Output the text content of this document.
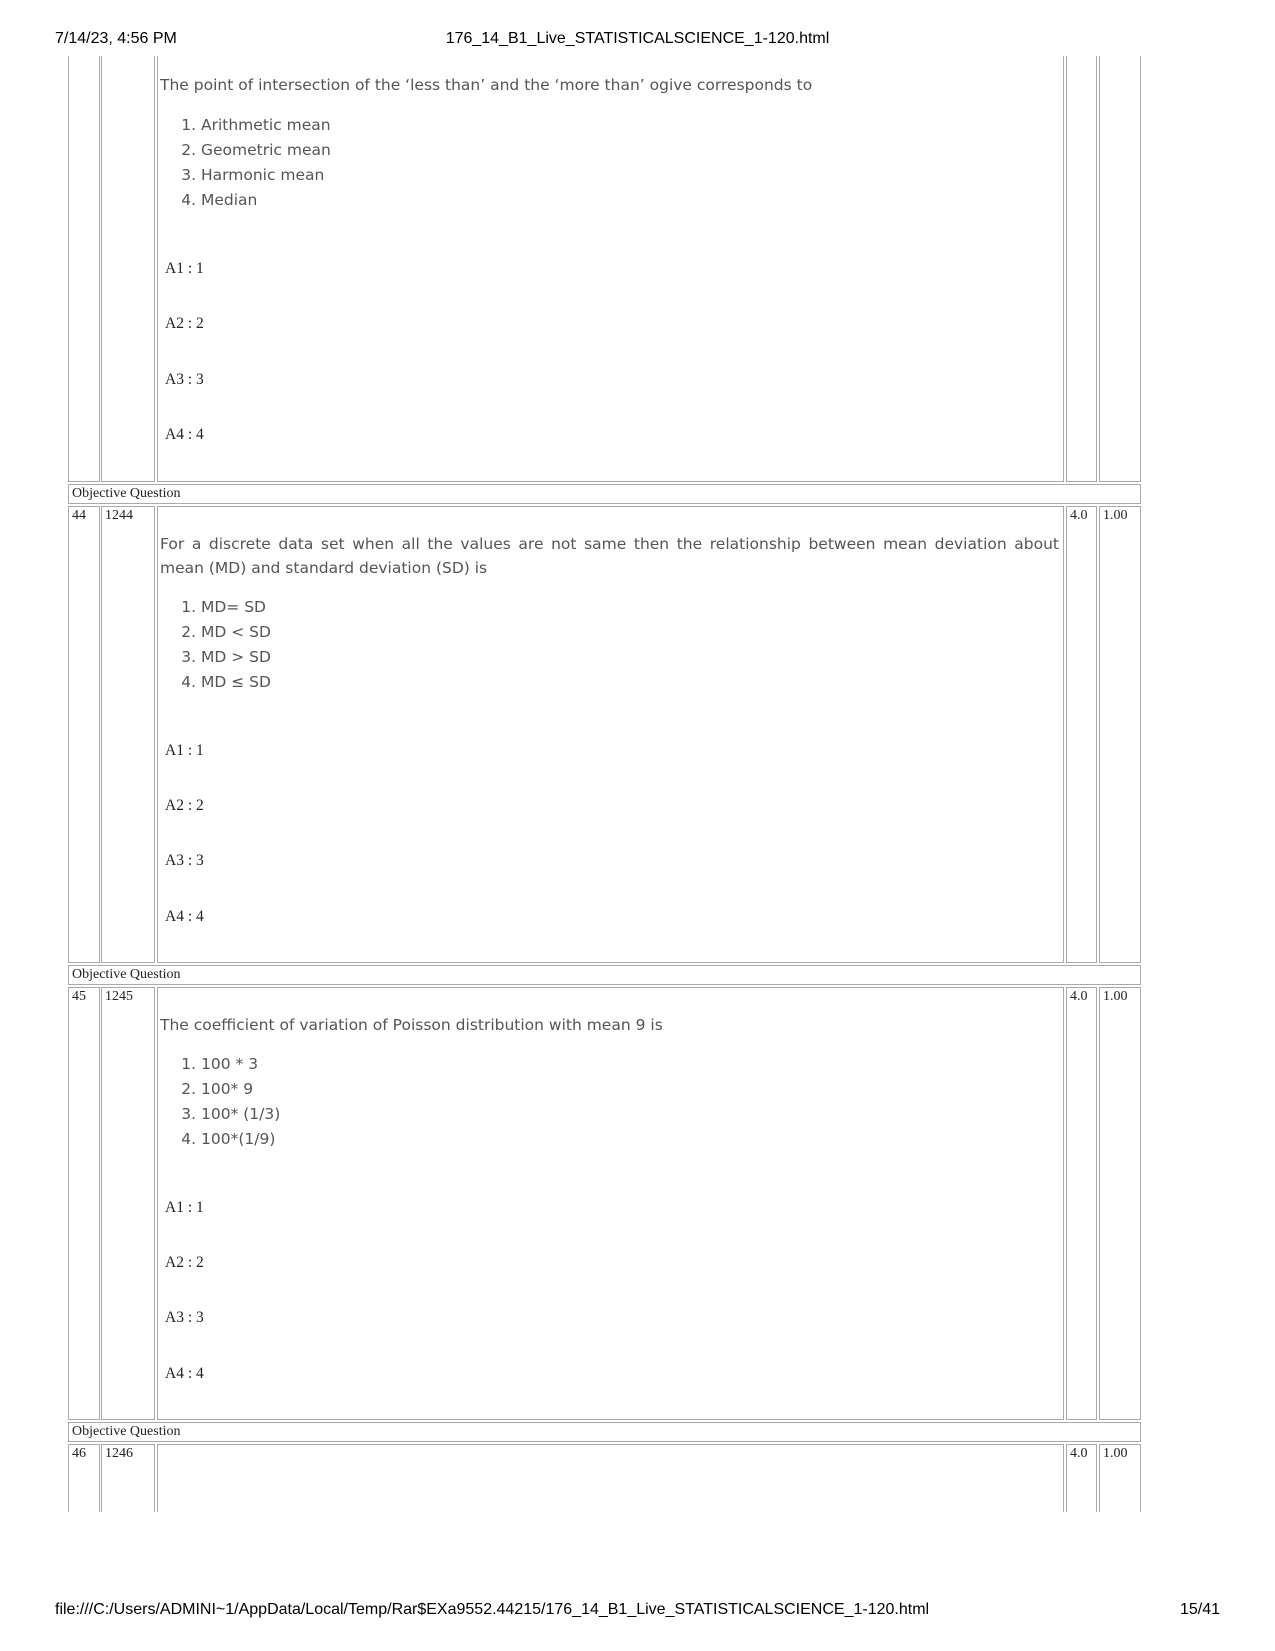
7/14/23, 4:56 PM	176_14_B1_Live_STATISTICALSCIENCE_1-120.html
The point of intersection of the ‘less than’ and the ‘more than’ ogive corresponds to
1. Arithmetic mean
2. Geometric mean
3. Harmonic mean
4. Median
A1 : 1
A2 : 2
A3 : 3
A4 : 4
Objective Question
44 1244
For a discrete data set when all the values are not same then the relationship between mean deviation about mean (MD) and standard deviation (SD) is
1. MD= SD
2. MD < SD
3. MD > SD
4. MD ≤ SD
A1 : 1
A2 : 2
A3 : 3
A4 : 4
4.0 1.00
Objective Question
45 1245
The coefficient of variation of Poisson distribution with mean 9 is
1. 100 * 3
2. 100* 9
3. 100* (1/3)
4. 100*(1/9)
A1 : 1
A2 : 2
A3 : 3
A4 : 4
4.0 1.00
Objective Question
46 1246	4.0 1.00
file:///C:/Users/ADMINI~1/AppData/Local/Temp/Rar$EXa9552.44215/176_14_B1_Live_STATISTICALSCIENCE_1-120.html	15/41
